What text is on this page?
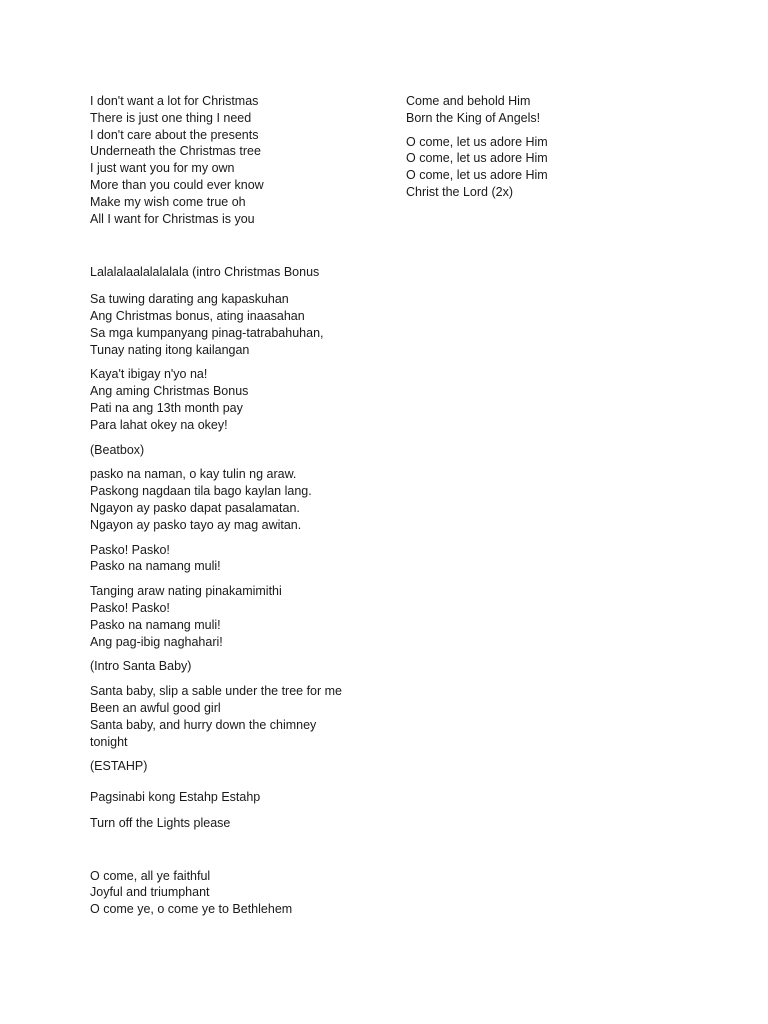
I don't want a lot for Christmas
There is just one thing I need
I don't care about the presents
Underneath the Christmas tree
I just want you for my own
More than you could ever know
Make my wish come true oh
All I want for Christmas is you
Lalalalaalalalalala (intro Christmas Bonus
Sa tuwing darating ang kapaskuhan
Ang Christmas bonus, ating inaasahan
Sa mga kumpanyang pinag-tatrabahuhan,
Tunay nating itong kailangan
Kaya't ibigay n'yo na!
Ang aming Christmas Bonus
Pati na ang 13th month pay
Para lahat okey na okey!
(Beatbox)
pasko na naman, o kay tulin ng araw.
Paskong nagdaan tila bago kaylan lang.
Ngayon ay pasko dapat pasalamatan.
Ngayon ay pasko tayo ay mag awitan.
Pasko! Pasko!
Pasko na namang muli!
Tanging araw nating pinakamimithi
Pasko! Pasko!
Pasko na namang muli!
Ang pag-ibig naghahari!
(Intro Santa Baby)
Santa baby, slip a sable under the tree for me
Been an awful good girl
Santa baby, and hurry down the chimney
tonight
(ESTAHP)
Pagsinabi kong Estahp Estahp
Turn off the Lights please
O come, all ye faithful
Joyful and triumphant
O come ye, o come ye to Bethlehem
Come and behold Him
Born the King of Angels!
O come, let us adore Him
O come, let us adore Him
O come, let us adore Him
Christ the Lord (2x)
